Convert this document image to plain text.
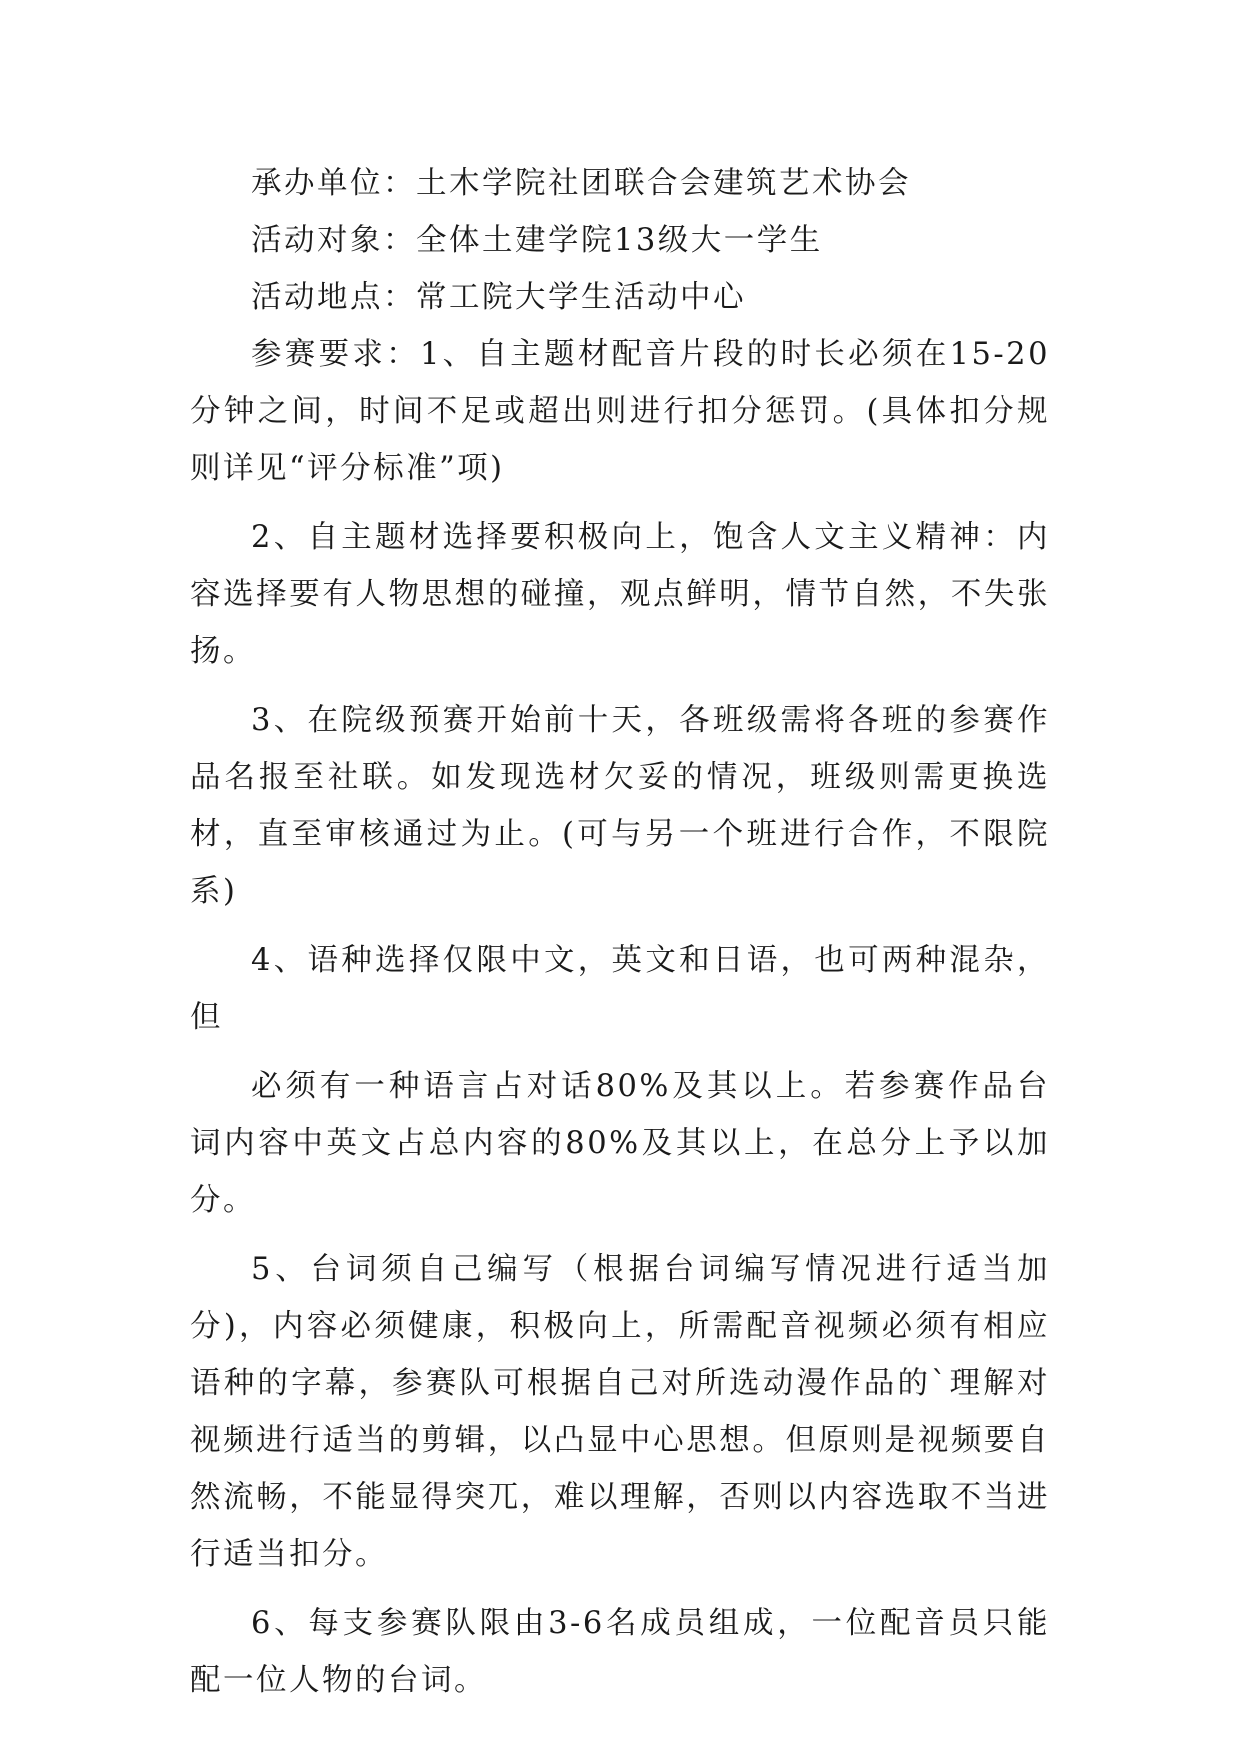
承办单位：土木学院社团联合会建筑艺术协会

活动对象：全体土建学院13级大一学生

活动地点：常工院大学生活动中心

参赛要求：1、自主题材配音片段的时长必须在15-20分钟之间，时间不足或超出则进行扣分惩罚。(具体扣分规则详见“评分标准”项)

2、自主题材选择要积极向上，饱含人文主义精神：内容选择要有人物思想的碰撞，观点鲜明，情节自然，不失张扬。

3、在院级预赛开始前十天，各班级需将各班的参赛作品名报至社联。如发现选材欠妥的情况，班级则需更换选材，直至审核通过为止。(可与另一个班进行合作，不限院系)

4、语种选择仅限中文，英文和日语，也可两种混杂，但

必须有一种语言占对话80%及其以上。若参赛作品台词内容中英文占总内容的80%及其以上，在总分上予以加分。

5、台词须自己编写（根据台词编写情况进行适当加分)，内容必须健康，积极向上，所需配音视频必须有相应语种的字幕，参赛队可根据自己对所选动漫作品的`理解对视频进行适当的剪辑，以凸显中心思想。但原则是视频要自然流畅，不能显得突兀，难以理解，否则以内容选取不当进行适当扣分。

6、每支参赛队限由3-6名成员组成，一位配音员只能配一位人物的台词。
